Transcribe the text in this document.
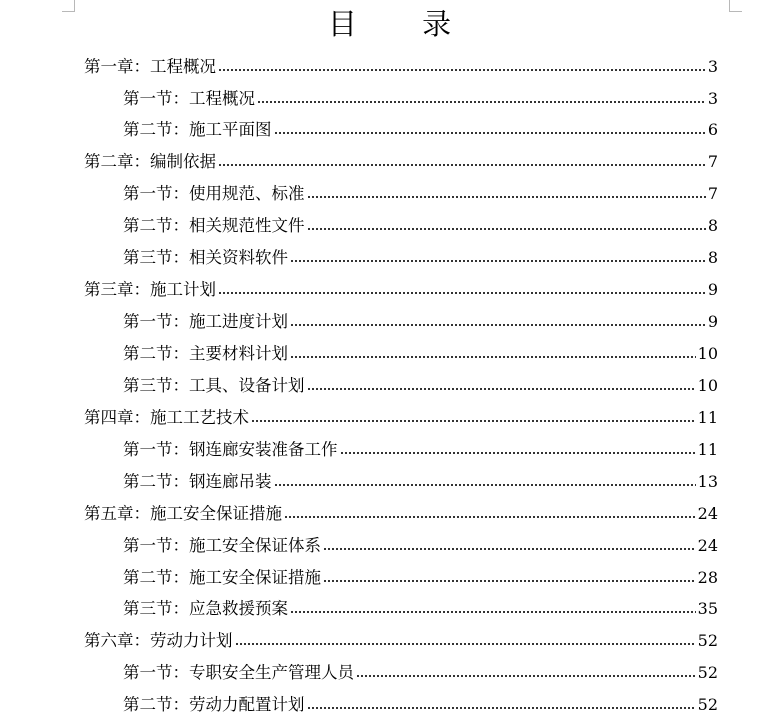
目 录
第一章：工程概况	3
第一节：工程概况	3
第二节：施工平面图	6
第二章：编制依据	7
第一节：使用规范、标准	7
第二节：相关规范性文件	8
第三节：相关资料软件	8
第三章：施工计划	9
第一节：施工进度计划	9
第二节：主要材料计划	10
第三节：工具、设备计划	10
第四章：施工工艺技术	11
第一节：钢连廊安装准备工作	11
第二节：钢连廊吊装	13
第五章：施工安全保证措施	24
第一节：施工安全保证体系	24
第二节：施工安全保证措施	28
第三节：应急救援预案	35
第六章：劳动力计划	52
第一节：专职安全生产管理人员	52
第二节：劳动力配置计划	52
